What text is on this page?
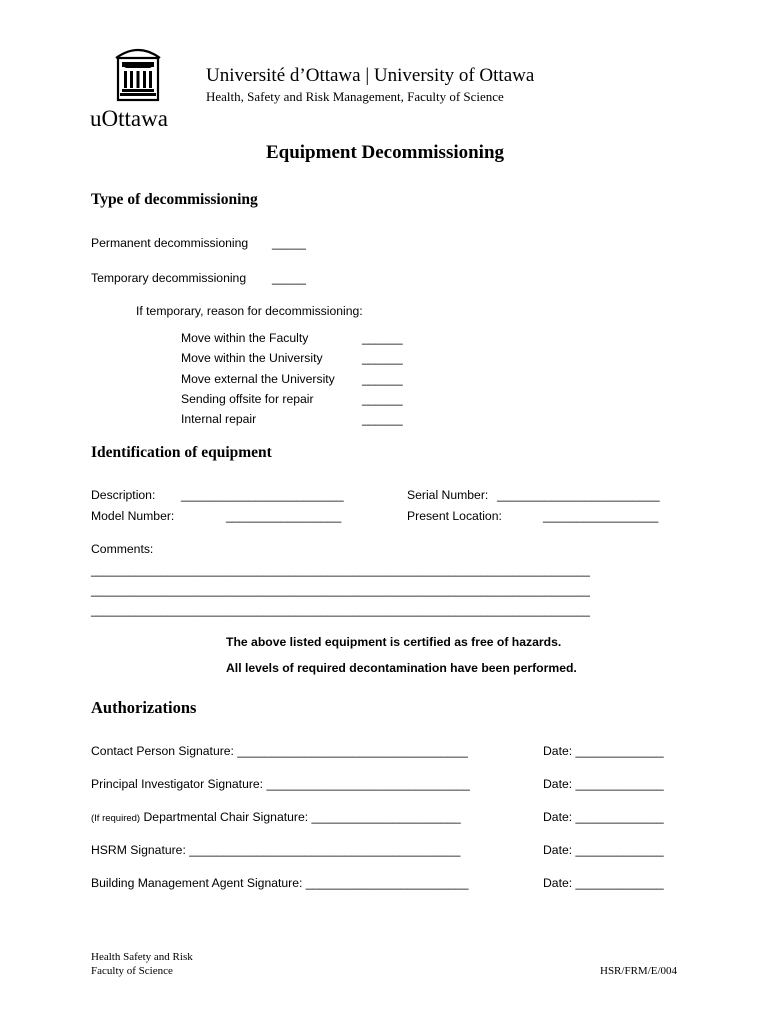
uOttawa
Université d’Ottawa | University of Ottawa
Health, Safety and Risk Management, Faculty of Science
Equipment Decommissioning
Type of decommissioning
Permanent decommissioning _____
Temporary decommissioning _____
If temporary, reason for decommissioning:
Move within the Faculty	______
Move within the University	______
Move external the University ______
Sending offsite for repair	______
Internal repair	______
Identification of equipment
Description: ________________________	Serial Number: ________________________
Model Number:	_________________	Present Location:	_________________
Comments:
______________________________________________________________________________
______________________________________________________________________________
______________________________________________________________________________
The above listed equipment is certified as free of hazards.
All levels of required decontamination have been performed.
Authorizations
Contact Person Signature: __________________________________	Date: _____________
Principal Investigator Signature: ______________________________	Date: _____________
(If required) Departmental Chair Signature: ______________________	Date: _____________
HSRM Signature: ________________________________________	Date: _____________
Building Management Agent Signature: ________________________	Date: _____________
Health Safety and Risk
Faculty of Science	HSR/FRM/E/004
